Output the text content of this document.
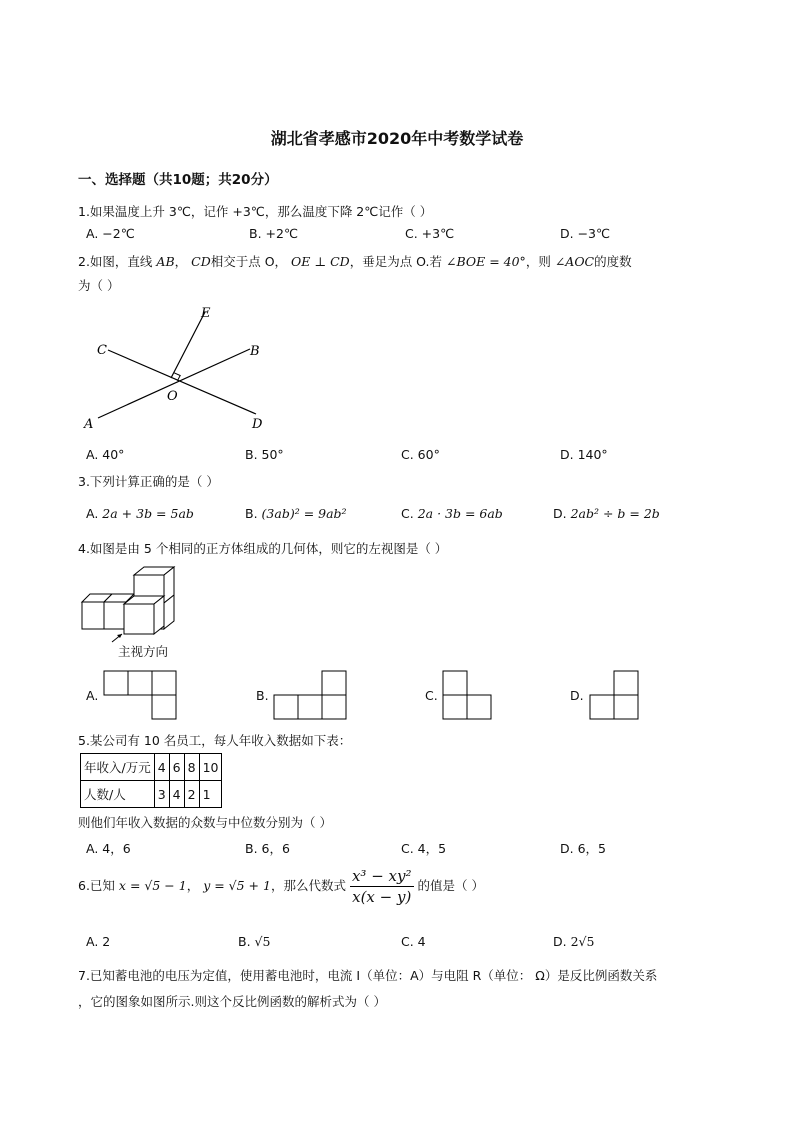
湖北省孝感市2020年中考数学试卷
一、选择题（共10题；共20分）
1.如果温度上升 3℃，记作 +3℃，那么温度下降 2℃记作（ ）
A. −2℃	B. +2℃	C. +3℃	D. −3℃
2.如图，直线 AB， CD相交于点 O， OE ⊥ CD，垂足为点 O.若 ∠BOE = 40°，则 ∠AOC的度数
为（ ）
E
C	B
O
A	D
A. 40°	B. 50°	C. 60°	D. 140°
3.下列计算正确的是（ ）
A. 2a + 3b = 5ab	B. (3ab)² = 9ab²	C. 2a · 3b = 6ab	D. 2ab² ÷ b = 2b
4.如图是由 5 个相同的正方体组成的几何体，则它的左视图是（ ）
主视方向
A.	B.	C.	D.
5.某公司有 10 名员工，每人年收入数据如下表：
年收入/万元	4	6	8	10
人数/人	3	4	2	1
则他们年收入数据的众数与中位数分别为（ ）
A. 4，6	B. 6，6	C. 4，5	D. 6，5
6.已知 x = √5 − 1， y = √5 + 1，那么代数式 $\frac{\text{x³ − xy²}}{x(x - y)}$ 的值是（ ）
A. 2	B. √5	C. 4	D. 2√5
7.已知蓄电池的电压为定值，使用蓄电池时，电流 I（单位：A）与电阻 R（单位： Ω）是反比例函数关系
，它的图象如图所示.则这个反比例函数的解析式为（ ）
